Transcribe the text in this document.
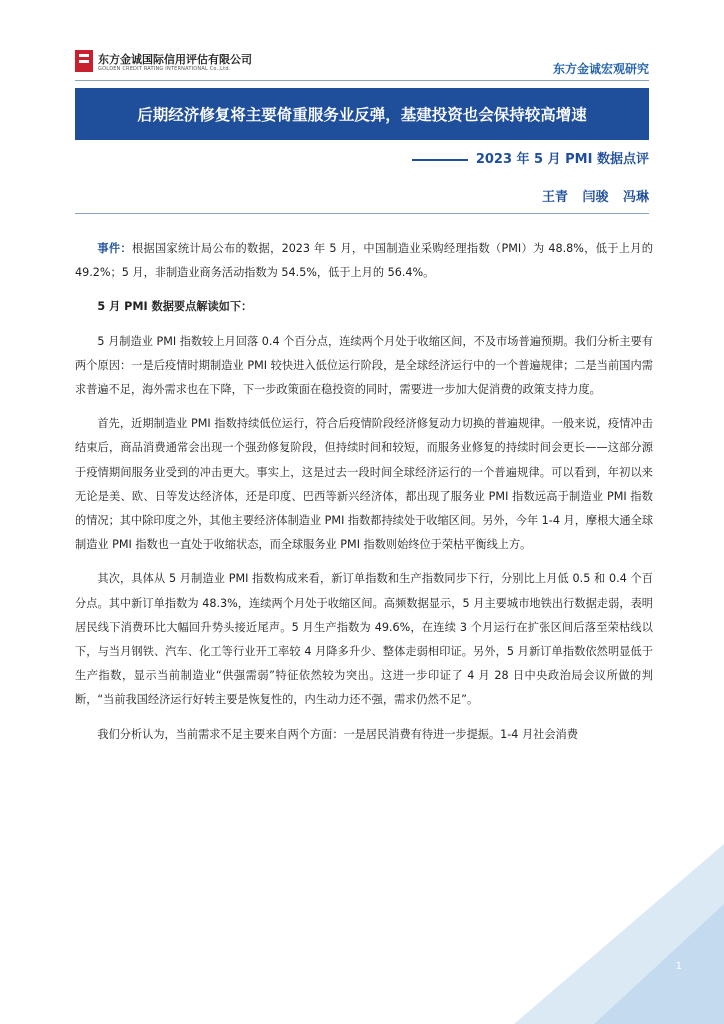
东方金诚国际信用评估有限公司
GOLDEN CREDIT RATING INTERNATIONAL Co.,Ltd.	东方金诚宏观研究
后期经济修复将主要倚重服务业反弹，基建投资也会保持较高增速
2023 年 5 月 PMI 数据点评
王青 闫骏 冯琳

事件：根据国家统计局公布的数据，2023 年 5 月，中国制造业采购经理指数（PMI）为 48.8%，低于上月的 49.2%；5 月，非制造业商务活动指数为 54.5%，低于上月的 56.4%。

5 月 PMI 数据要点解读如下：

5 月制造业 PMI 指数较上月回落 0.4 个百分点，连续两个月处于收缩区间，不及市场普遍预期。我们分析主要有两个原因：一是后疫情时期制造业 PMI 较快进入低位运行阶段，是全球经济运行中的一个普遍规律；二是当前国内需求普遍不足，海外需求也在下降，下一步政策面在稳投资的同时，需要进一步加大促消费的政策支持力度。

首先，近期制造业 PMI 指数持续低位运行，符合后疫情阶段经济修复动力切换的普遍规律。一般来说，疫情冲击结束后，商品消费通常会出现一个强劲修复阶段，但持续时间和较短，而服务业修复的持续时间会更长——这部分源于疫情期间服务业受到的冲击更大。事实上，这是过去一段时间全球经济运行的一个普遍规律。可以看到，年初以来无论是美、欧、日等发达经济体，还是印度、巴西等新兴经济体，都出现了服务业 PMI 指数远高于制造业 PMI 指数的情况；其中除印度之外，其他主要经济体制造业 PMI 指数都持续处于收缩区间。另外，今年 1-4 月，摩根大通全球制造业 PMI 指数也一直处于收缩状态，而全球服务业 PMI 指数则始终位于荣枯平衡线上方。

其次，具体从 5 月制造业 PMI 指数构成来看，新订单指数和生产指数同步下行，分别比上月低 0.5 和 0.4 个百分点。其中新订单指数为 48.3%，连续两个月处于收缩区间。高频数据显示，5 月主要城市地铁出行数据走弱，表明居民线下消费环比大幅回升势头接近尾声。5 月生产指数为 49.6%，在连续 3 个月运行在扩张区间后落至荣枯线以下，与当月钢铁、汽车、化工等行业开工率较 4 月降多升少、整体走弱相印证。另外，5 月新订单指数依然明显低于生产指数，显示当前制造业“供强需弱”特征依然较为突出。这进一步印证了 4 月 28 日中央政治局会议所做的判断，“当前我国经济运行好转主要是恢复性的，内生动力还不强，需求仍然不足”。

我们分析认为，当前需求不足主要来自两个方面：一是居民消费有待进一步提振。1-4 月社会消费

1
